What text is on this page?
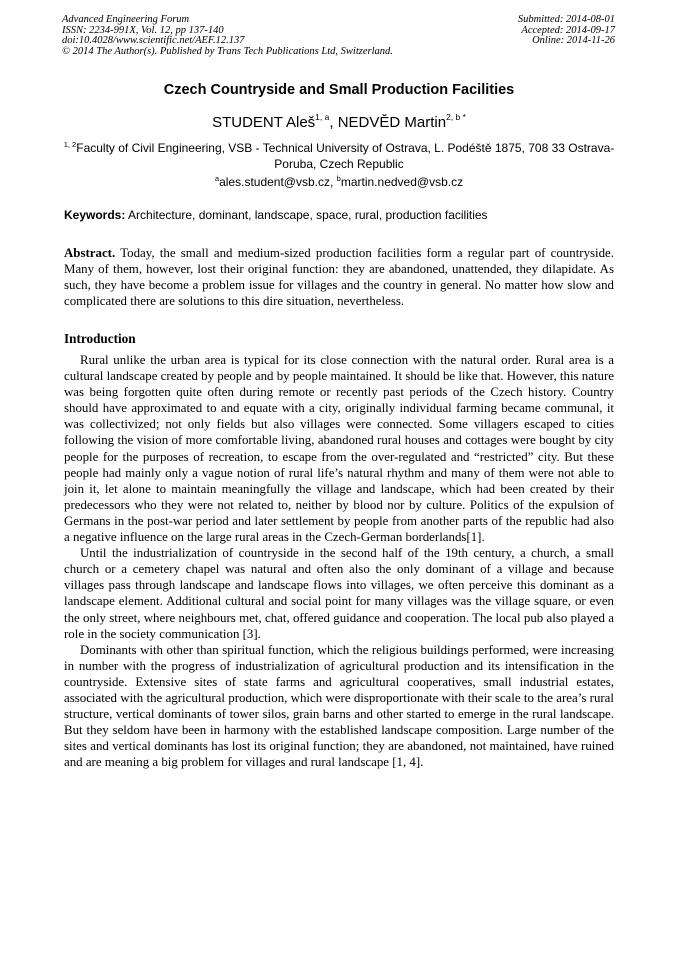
Advanced Engineering Forum
ISSN: 2234-991X, Vol. 12, pp 137-140
doi:10.4028/www.scientific.net/AEF.12.137
© 2014 The Author(s). Published by Trans Tech Publications Ltd, Switzerland.
Submitted: 2014-08-01
Accepted: 2014-09-17
Online: 2014-11-26
Czech Countryside and Small Production Facilities
STUDENT Aleš$^{1, a}$, NEDVĚD Martin$^{2, b *}$
$^{1, 2}$Faculty of Civil Engineering, VSB - Technical University of Ostrava, L. Podéště 1875, 708 33 Ostrava-Poruba, Czech Republic
$^a$ales.student@vsb.cz, $^b$martin.nedved@vsb.cz
Keywords: Architecture, dominant, landscape, space, rural, production facilities
Abstract. Today, the small and medium-sized production facilities form a regular part of countryside. Many of them, however, lost their original function: they are abandoned, unattended, they dilapidate. As such, they have become a problem issue for villages and the country in general. No matter how slow and complicated there are solutions to this dire situation, nevertheless.
Introduction

Rural unlike the urban area is typical for its close connection with the natural order. Rural area is a cultural landscape created by people and by people maintained. It should be like that. However, this nature was being forgotten quite often during remote or recently past periods of the Czech history. Country should have approximated to and equate with a city, originally individual farming became communal, it was collectivized; not only fields but also villages were connected. Some villagers escaped to cities following the vision of more comfortable living, abandoned rural houses and cottages were bought by city people for the purposes of recreation, to escape from the over-regulated and “restricted” city. But these people had mainly only a vague notion of rural life’s natural rhythm and many of them were not able to join it, let alone to maintain meaningfully the village and landscape, which had been created by their predecessors who they were not related to, neither by blood nor by culture. Politics of the expulsion of Germans in the post-war period and later settlement by people from another parts of the republic had also a negative influence on the large rural areas in the Czech-German borderlands[1].

Until the industrialization of countryside in the second half of the 19th century, a church, a small church or a cemetery chapel was natural and often also the only dominant of a village and because villages pass through landscape and landscape flows into villages, we often perceive this dominant as a landscape element. Additional cultural and social point for many villages was the village square, or even the only street, where neighbours met, chat, offered guidance and cooperation. The local pub also played a role in the society communication [3].

Dominants with other than spiritual function, which the religious buildings performed, were increasing in number with the progress of industrialization of agricultural production and its intensification in the countryside. Extensive sites of state farms and agricultural cooperatives, small industrial estates, associated with the agricultural production, which were disproportionate with their scale to the area’s rural structure, vertical dominants of tower silos, grain barns and other started to emerge in the rural landscape. But they seldom have been in harmony with the established landscape composition. Large number of the sites and vertical dominants has lost its original function; they are abandoned, not maintained, have ruined and are meaning a big problem for villages and rural landscape [1, 4].
